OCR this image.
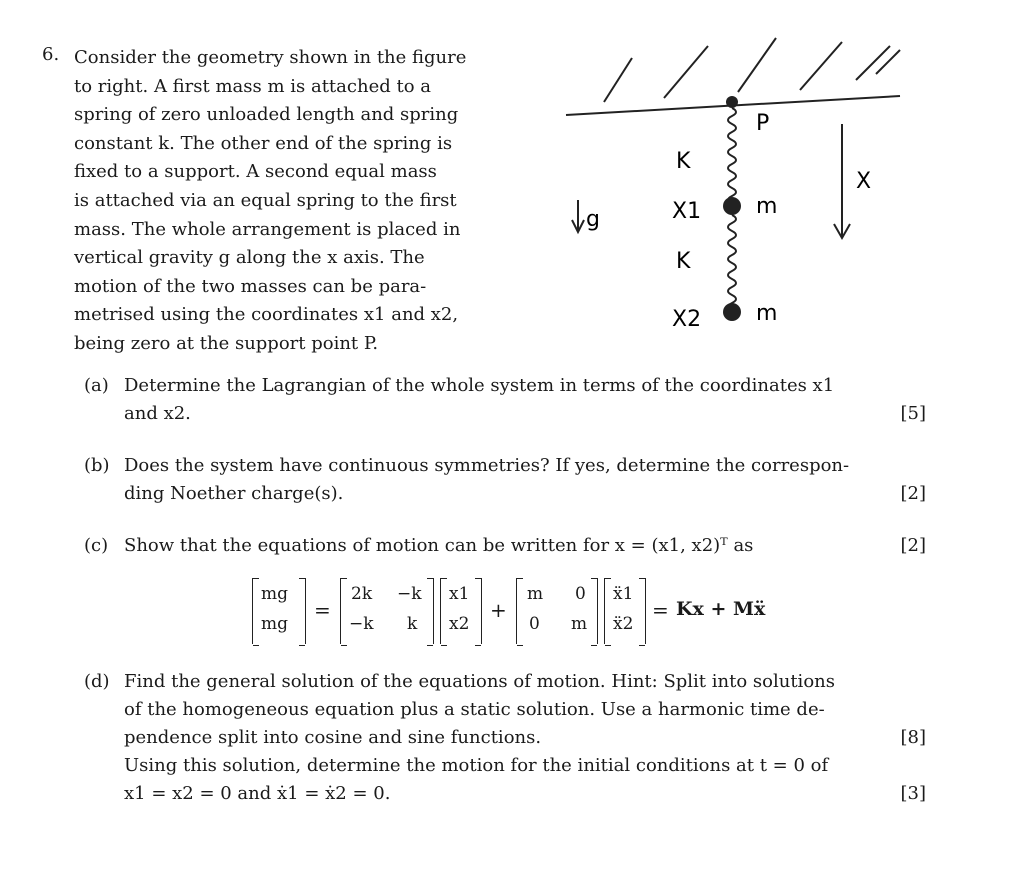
6. Consider the geometry shown in the figure
to right. A first mass m is attached to a
spring of zero unloaded length and spring
constant k. The other end of the spring is
fixed to a support. A second equal mass
is attached via an equal spring to the first
mass. The whole arrangement is placed in
vertical gravity g along the x axis. The
motion of the two masses can be para-
metrised using the coordinates x1 and x2,
being zero at the support point P.
P
K
X1 m
K
X2 m
g
X
(a) Determine the Lagrangian of the whole system in terms of the coordinates x1
and x2.	[5]
(b) Does the system have continuous symmetries? If yes, determine the correspon-
ding Noether charge(s).	[2]
(c) Show that the equations of motion can be written for x = (x1, x2)ᵀ as	[2]
mg
mg
=
2k −k
−k k
x1
x2
+
m 0
0 m
ẍ1
ẍ2
= Kx + Mẍ
(d) Find the general solution of the equations of motion. Hint: Split into solutions
of the homogeneous equation plus a static solution. Use a harmonic time de-
pendence split into cosine and sine functions.	[8]
Using this solution, determine the motion for the initial conditions at t = 0 of
x1 = x2 = 0 and ẋ1 = ẋ2 = 0.	[3]
